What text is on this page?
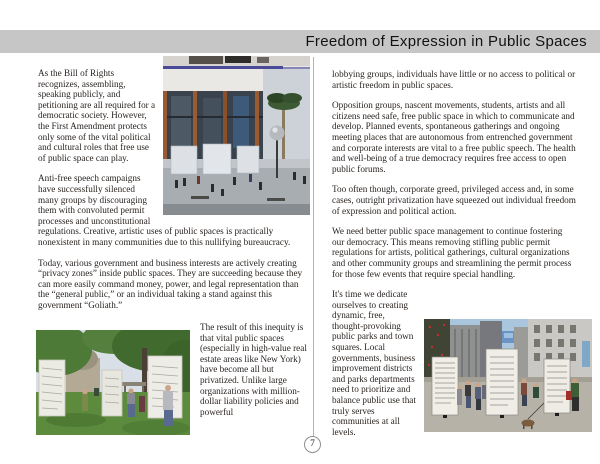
Freedom of Expression in Public Spaces

As the Bill of Rights recognizes, assembling, speaking publicly, and petitioning are all required for a democratic society. However, the First Amendment protects only some of the vital political and cultural roles that free use of public space can play.

Anti-free speech campaigns have successfully silenced many groups by discouraging them with convoluted permit processes and unconstitutional regulations. Creative, artistic uses of public spaces is practically nonexistent in many communities due to this nullifying bureaucracy.

Today, various government and business interests are actively creating “privacy zones” inside public spaces. They are succeeding because they can more easily command money, power, and legal representation than the “general public,” or an individual taking a stand against this government “Goliath.”

The result of this inequity is that vital public spaces (especially in high-value real estate areas like New York) have become all but privatized. Unlike large organizations with million-dollar liability policies and powerful

lobbying groups, individuals have little or no access to political or artistic freedom in public spaces.

Opposition groups, nascent movements, students, artists and all citizens need safe, free public space in which to communicate and develop. Planned events, spontaneous gatherings and ongoing meeting places that are autonomous from entrenched government and corporate interests are vital to a free public speech. The health and well-being of a true democracy requires free access to open public forums.

Too often though, corporate greed, privileged access and, in some cases, outright privatization have squeezed out individual freedom of expression and political action.

We need better public space management to continue fostering our democracy. This means removing stifling public permit regulations for artists, political gatherings, cultural organizations and other community groups and streamlining the permit process for those few events that require special handling.

It's time we dedicate ourselves to creating dynamic, free, thought-provoking public parks and town squares. Local governments, business improvement districts and parks departments need to prioritize and balance public use that truly serves communities at all levels.

7
